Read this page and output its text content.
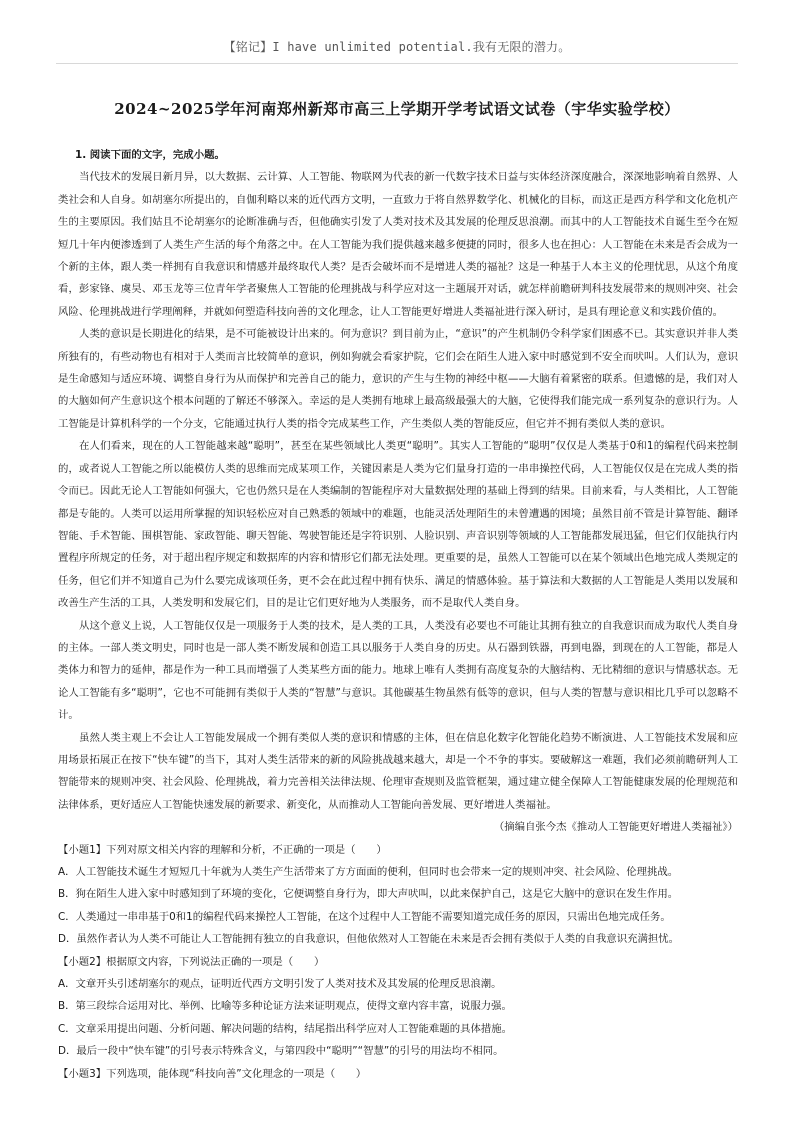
【铭记】I have unlimited potential.我有无限的潜力。
2024~2025学年河南郑州新郑市高三上学期开学考试语文试卷（宇华实验学校）
1. 阅读下面的文字，完成小题。

当代技术的发展日新月异，以大数据、云计算、人工智能、物联网为代表的新一代数字技术日益与实体经济深度融合，深深地影响着自然界、人类社会和人自身。如胡塞尔所提出的，自伽利略以来的近代西方文明，一直致力于将自然界数学化、机械化的目标，而这正是西方科学和文化危机产生的主要原因。我们姑且不论胡塞尔的论断准确与否，但他确实引发了人类对技术及其发展的伦理反思浪潮。而其中的人工智能技术自诞生至今在短短几十年内便渗透到了人类生产生活的每个角落之中。在人工智能为我们提供越来越多便捷的同时，很多人也在担心：人工智能在未来是否会成为一个新的主体，跟人类一样拥有自我意识和情感并最终取代人类？是否会破坏而不是增进人类的福祉？这是一种基于人本主义的伦理忧思，从这个角度看，彭家锋、虞昊、邓玉龙等三位青年学者聚焦人工智能的伦理挑战与科学应对这一主题展开对话，就怎样前瞻研判科技发展带来的规则冲突、社会风险、伦理挑战进行学理阐释，并就如何塑造科技向善的文化理念，让人工智能更好增进人类福祉进行深入研讨，是具有理论意义和实践价值的。

人类的意识是长期进化的结果，是不可能被设计出来的。何为意识？到目前为止，“意识”的产生机制仍令科学家们困惑不已。其实意识并非人类所独有的，有些动物也有相对于人类而言比较简单的意识，例如狗就会看家护院，它们会在陌生人进入家中时感觉到不安全而吠叫。人们认为，意识是生命感知与适应环境、调整自身行为从而保护和完善自己的能力，意识的产生与生物的神经中枢——大脑有着紧密的联系。但遗憾的是，我们对人的大脑如何产生意识这个根本问题的了解还不够深入。幸运的是人类拥有地球上最高级最强大的大脑，它使得我们能完成一系列复杂的意识行为。人工智能是计算机科学的一个分支，它能通过执行人类的指令完成某些工作，产生类似人类的智能反应，但它并不拥有类似人类的意识。

在人们看来，现在的人工智能越来越“聪明”，甚至在某些领域比人类更“聪明”。其实人工智能的“聪明”仅仅是人类基于0和1的编程代码来控制的，或者说人工智能之所以能模仿人类的思维而完成某项工作，关键因素是人类为它们量身打造的一串串操控代码，人工智能仅仅是在完成人类的指令而已。因此无论人工智能如何强大，它也仍然只是在人类编制的智能程序对大量数据处理的基础上得到的结果。目前来看，与人类相比，人工智能都是专能的。人类可以运用所掌握的知识轻松应对自己熟悉的领域中的难题，也能灵活处理陌生的未曾遭遇的困境；虽然目前不管是计算智能、翻译智能、手术智能、围棋智能、家政智能、聊天智能、驾驶智能还是字符识别、人脸识别、声音识别等领域的人工智能都发展迅猛，但它们仅能执行内置程序所规定的任务，对于超出程序规定和数据库的内容和情形它们都无法处理。更重要的是，虽然人工智能可以在某个领域出色地完成人类规定的任务，但它们并不知道自己为什么要完成该项任务，更不会在此过程中拥有快乐、满足的情感体验。基于算法和大数据的人工智能是人类用以发展和改善生产生活的工具，人类发明和发展它们，目的是让它们更好地为人类服务，而不是取代人类自身。

从这个意义上说，人工智能仅仅是一项服务于人类的技术，是人类的工具，人类没有必要也不可能让其拥有独立的自我意识而成为取代人类自身的主体。一部人类文明史，同时也是一部人类不断发展和创造工具以服务于人类自身的历史。从石器到铁器，再到电器，到现在的人工智能，都是人类体力和智力的延伸，都是作为一种工具而增强了人类某些方面的能力。地球上唯有人类拥有高度复杂的大脑结构、无比精细的意识与情感状态。无论人工智能有多“聪明”，它也不可能拥有类似于人类的“智慧”与意识。其他碳基生物虽然有低等的意识，但与人类的智慧与意识相比几乎可以忽略不计。

虽然人类主观上不会让人工智能发展成一个拥有类似人类的意识和情感的主体，但在信息化数字化智能化趋势不断演进、人工智能技术发展和应用场景拓展正在按下“快车键”的当下，其对人类生活带来的新的风险挑战越来越大，却是一个不争的事实。要破解这一难题，我们必须前瞻研判人工智能带来的规则冲突、社会风险、伦理挑战，着力完善相关法律法规、伦理审查规则及监管框架，通过建立健全保障人工智能健康发展的伦理规范和法律体系，更好适应人工智能快速发展的新要求、新变化，从而推动人工智能向善发展、更好增进人类福祉。

（摘编自张今杰《推动人工智能更好增进人类福祉》）

【小题1】下列对原文相关内容的理解和分析，不正确的一项是（　　）

A．人工智能技术诞生才短短几十年就为人类生产生活带来了方方面面的便利，但同时也会带来一定的规则冲突、社会风险、伦理挑战。

B．狗在陌生人进入家中时感知到了环境的变化，它便调整自身行为，即大声吠叫，以此来保护自己，这是它大脑中的意识在发生作用。

C．人类通过一串串基于0和1的编程代码来操控人工智能，在这个过程中人工智能不需要知道完成任务的原因，只需出色地完成任务。

D．虽然作者认为人类不可能让人工智能拥有独立的自我意识，但他依然对人工智能在未来是否会拥有类似于人类的自我意识充满担忧。

【小题2】根据原文内容，下列说法正确的一项是（　　）

A．文章开头引述胡塞尔的观点，证明近代西方文明引发了人类对技术及其发展的伦理反思浪潮。

B．第三段综合运用对比、举例、比喻等多种论证方法来证明观点，使得文章内容丰富，说服力强。

C．文章采用提出问题、分析问题、解决问题的结构，结尾指出科学应对人工智能难题的具体措施。

D．最后一段中“快车键”的引号表示特殊含义，与第四段中“聪明”“智慧”的引号的用法均不相同。

【小题3】下列选项，能体现“科技向善”文化理念的一项是（　　）
